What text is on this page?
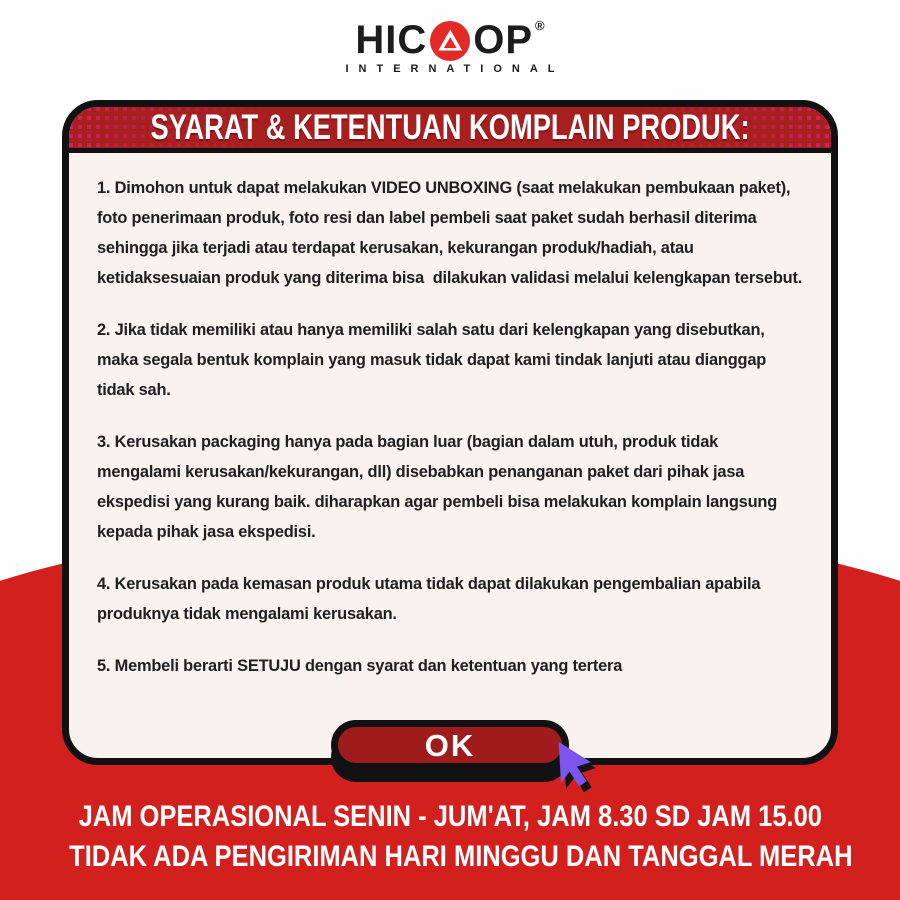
HIC OP ®
INTERNATIONAL
SYARAT & KETENTUAN KOMPLAIN PRODUK:

1. Dimohon untuk dapat melakukan VIDEO UNBOXING (saat melakukan pembukaan paket), foto penerimaan produk, foto resi dan label pembeli saat paket sudah berhasil diterima sehingga jika terjadi atau terdapat kerusakan, kekurangan produk/hadiah, atau ketidaksesuaian produk yang diterima bisa  dilakukan validasi melalui kelengkapan tersebut.

2. Jika tidak memiliki atau hanya memiliki salah satu dari kelengkapan yang disebutkan, maka segala bentuk komplain yang masuk tidak dapat kami tindak lanjuti atau dianggap tidak sah.

3. Kerusakan packaging hanya pada bagian luar (bagian dalam utuh, produk tidak mengalami kerusakan/kekurangan, dll) disebabkan penanganan paket dari pihak jasa ekspedisi yang kurang baik. diharapkan agar pembeli bisa melakukan komplain langsung kepada pihak jasa ekspedisi.

4. Kerusakan pada kemasan produk utama tidak dapat dilakukan pengembalian apabila produknya tidak mengalami kerusakan.

5. Membeli berarti SETUJU dengan syarat dan ketentuan yang tertera

OK
JAM OPERASIONAL SENIN - JUM'AT, JAM 8.30 SD JAM 15.00
TIDAK ADA PENGIRIMAN HARI MINGGU DAN TANGGAL MERAH
